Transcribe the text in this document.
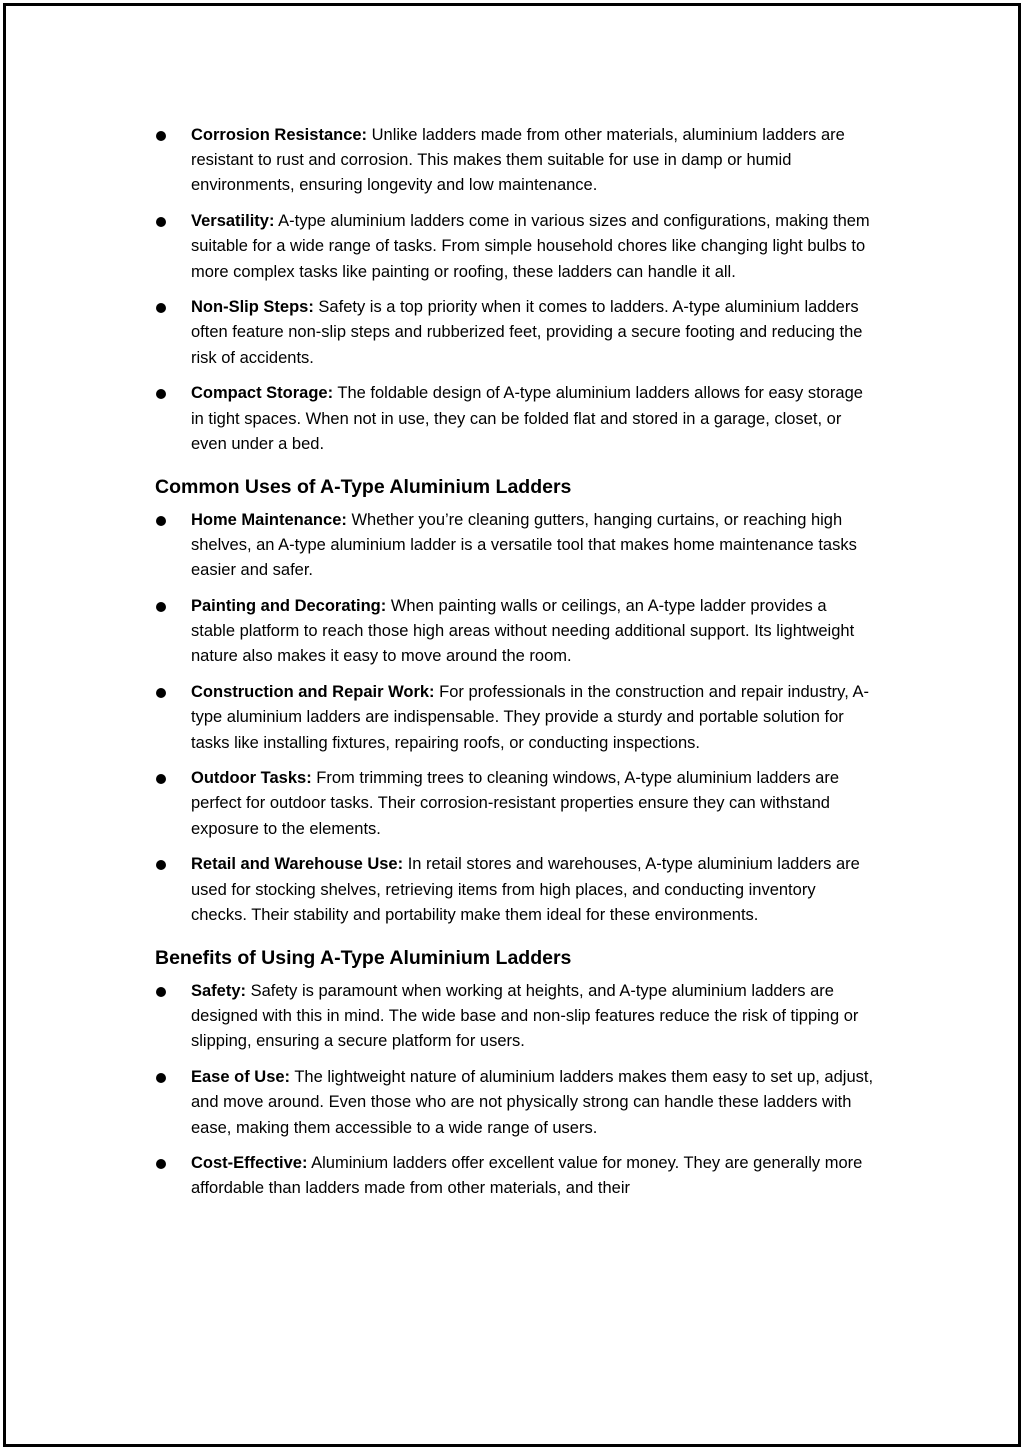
Corrosion Resistance: Unlike ladders made from other materials, aluminium ladders are resistant to rust and corrosion. This makes them suitable for use in damp or humid environments, ensuring longevity and low maintenance.
Versatility: A-type aluminium ladders come in various sizes and configurations, making them suitable for a wide range of tasks. From simple household chores like changing light bulbs to more complex tasks like painting or roofing, these ladders can handle it all.
Non-Slip Steps: Safety is a top priority when it comes to ladders. A-type aluminium ladders often feature non-slip steps and rubberized feet, providing a secure footing and reducing the risk of accidents.
Compact Storage: The foldable design of A-type aluminium ladders allows for easy storage in tight spaces. When not in use, they can be folded flat and stored in a garage, closet, or even under a bed.
Common Uses of A-Type Aluminium Ladders
Home Maintenance: Whether you’re cleaning gutters, hanging curtains, or reaching high shelves, an A-type aluminium ladder is a versatile tool that makes home maintenance tasks easier and safer.
Painting and Decorating: When painting walls or ceilings, an A-type ladder provides a stable platform to reach those high areas without needing additional support. Its lightweight nature also makes it easy to move around the room.
Construction and Repair Work: For professionals in the construction and repair industry, A-type aluminium ladders are indispensable. They provide a sturdy and portable solution for tasks like installing fixtures, repairing roofs, or conducting inspections.
Outdoor Tasks: From trimming trees to cleaning windows, A-type aluminium ladders are perfect for outdoor tasks. Their corrosion-resistant properties ensure they can withstand exposure to the elements.
Retail and Warehouse Use: In retail stores and warehouses, A-type aluminium ladders are used for stocking shelves, retrieving items from high places, and conducting inventory checks. Their stability and portability make them ideal for these environments.
Benefits of Using A-Type Aluminium Ladders
Safety: Safety is paramount when working at heights, and A-type aluminium ladders are designed with this in mind. The wide base and non-slip features reduce the risk of tipping or slipping, ensuring a secure platform for users.
Ease of Use: The lightweight nature of aluminium ladders makes them easy to set up, adjust, and move around. Even those who are not physically strong can handle these ladders with ease, making them accessible to a wide range of users.
Cost-Effective: Aluminium ladders offer excellent value for money. They are generally more affordable than ladders made from other materials, and their
